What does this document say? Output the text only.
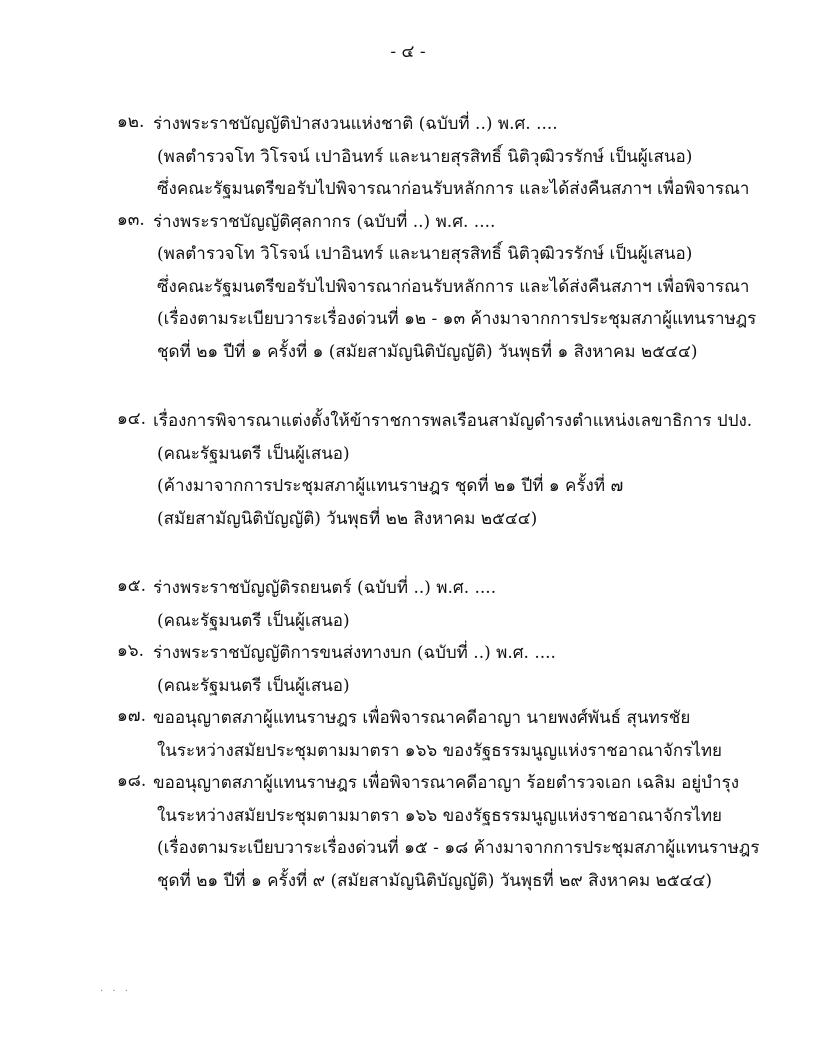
- ๔ -
๑๒. ร่างพระราชบัญญัติป่าสงวนแห่งชาติ (ฉบับที่ ..) พ.ศ. ....
(พลตำรวจโท วิโรจน์ เปาอินทร์ และนายสุรสิทธิ์ นิติวุฒิวรรักษ์ เป็นผู้เสนอ)
ซึ่งคณะรัฐมนตรีขอรับไปพิจารณาก่อนรับหลักการ และได้ส่งคืนสภาฯ เพื่อพิจารณา
๑๓. ร่างพระราชบัญญัติศุลกากร (ฉบับที่ ..) พ.ศ. ....
(พลตำรวจโท วิโรจน์ เปาอินทร์ และนายสุรสิทธิ์ นิติวุฒิวรรักษ์ เป็นผู้เสนอ)
ซึ่งคณะรัฐมนตรีขอรับไปพิจารณาก่อนรับหลักการ และได้ส่งคืนสภาฯ เพื่อพิจารณา
(เรื่องตามระเบียบวาระเรื่องด่วนที่ ๑๒ - ๑๓ ค้างมาจากการประชุมสภาผู้แทนราษฎร
ชุดที่ ๒๑ ปีที่ ๑ ครั้งที่ ๑ (สมัยสามัญนิติบัญญัติ) วันพุธที่ ๑ สิงหาคม ๒๕๔๔)
๑๔. เรื่องการพิจารณาแต่งตั้งให้ข้าราชการพลเรือนสามัญดำรงตำแหน่งเลขาธิการ ปปง.
(คณะรัฐมนตรี เป็นผู้เสนอ)
(ค้างมาจากการประชุมสภาผู้แทนราษฎร ชุดที่ ๒๑ ปีที่ ๑ ครั้งที่ ๗
(สมัยสามัญนิติบัญญัติ) วันพุธที่ ๒๒ สิงหาคม ๒๕๔๔)
๑๕. ร่างพระราชบัญญัติรถยนตร์ (ฉบับที่ ..) พ.ศ. ....
(คณะรัฐมนตรี เป็นผู้เสนอ)
๑๖. ร่างพระราชบัญญัติการขนส่งทางบก (ฉบับที่ ..) พ.ศ. ....
(คณะรัฐมนตรี เป็นผู้เสนอ)
๑๗. ขออนุญาตสภาผู้แทนราษฎร เพื่อพิจารณาคดีอาญา นายพงศ์พันธ์ สุนทรชัย
ในระหว่างสมัยประชุมตามมาตรา ๑๖๖ ของรัฐธรรมนูญแห่งราชอาณาจักรไทย
๑๘. ขออนุญาตสภาผู้แทนราษฎร เพื่อพิจารณาคดีอาญา ร้อยตำรวจเอก เฉลิม อยู่บำรุง
ในระหว่างสมัยประชุมตามมาตรา ๑๖๖ ของรัฐธรรมนูญแห่งราชอาณาจักรไทย
(เรื่องตามระเบียบวาระเรื่องด่วนที่ ๑๕ - ๑๘ ค้างมาจากการประชุมสภาผู้แทนราษฎร
ชุดที่ ๒๑ ปีที่ ๑ ครั้งที่ ๙ (สมัยสามัญนิติบัญญัติ) วันพุธที่ ๒๙ สิงหาคม ๒๕๔๔)
· · ·
